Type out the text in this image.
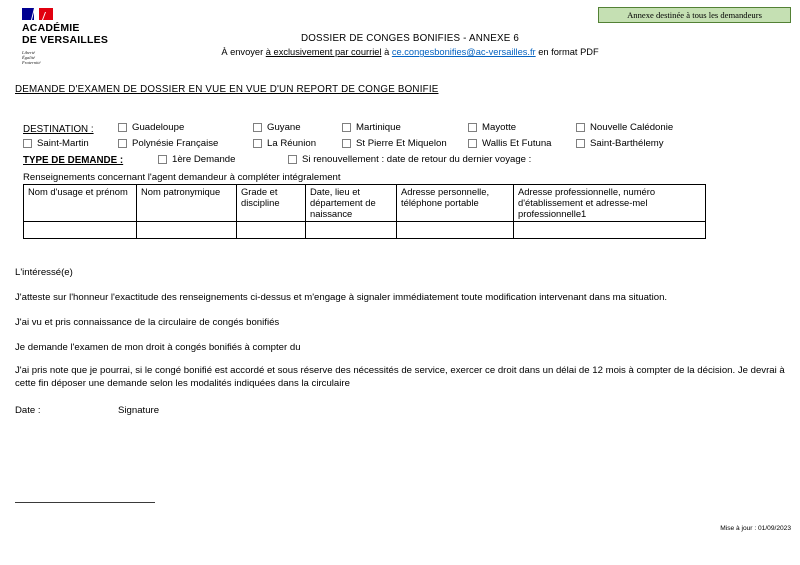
ACADÉMIE
DE VERSAILLES
Liberté
Égalité
Fraternité
DOSSIER DE CONGES BONIFIES - ANNEXE 6
À envoyer à exclusivement par courriel à ce.congesbonifies@ac-versailles.fr en format PDF
Annexe destinée à tous les demandeurs
DEMANDE D'EXAMEN DE DOSSIER EN VUE EN VUE D'UN REPORT DE CONGE BONIFIE
DESTINATION :	Guadeloupe	Guyane	Martinique	Mayotte	Nouvelle Calédonie
Saint-Martin	Polynésie Française	La Réunion	St Pierre Et Miquelon	Wallis Et Futuna	Saint-Barthélemy
TYPE DE DEMANDE :	1ère Demande	Si renouvellement : date de retour du dernier voyage :
Renseignements concernant l'agent demandeur à compléter intégralement
Nom d'usage et prénom	Nom patronymique	Grade et discipline	Date, lieu et département de naissance	Adresse personnelle, téléphone portable	Adresse professionnelle, numéro d'établissement et adresse-mel professionnelle1

L'intéressé(e)
J'atteste sur l'honneur l'exactitude des renseignements ci-dessus et m'engage à signaler immédiatement toute modification intervenant dans ma situation.
J'ai vu et pris connaissance de la circulaire de congés bonifiés
Je demande l'examen de mon droit à congés bonifiés à compter du
J'ai pris note que je pourrai, si le congé bonifié est accordé et sous réserve des nécessités de service, exercer ce droit dans un délai de 12 mois à compter de la décision. Je devrai à cette fin déposer une demande selon les modalités indiquées dans la circulaire
Date :	Signature
Mise à jour : 01/09/2023
